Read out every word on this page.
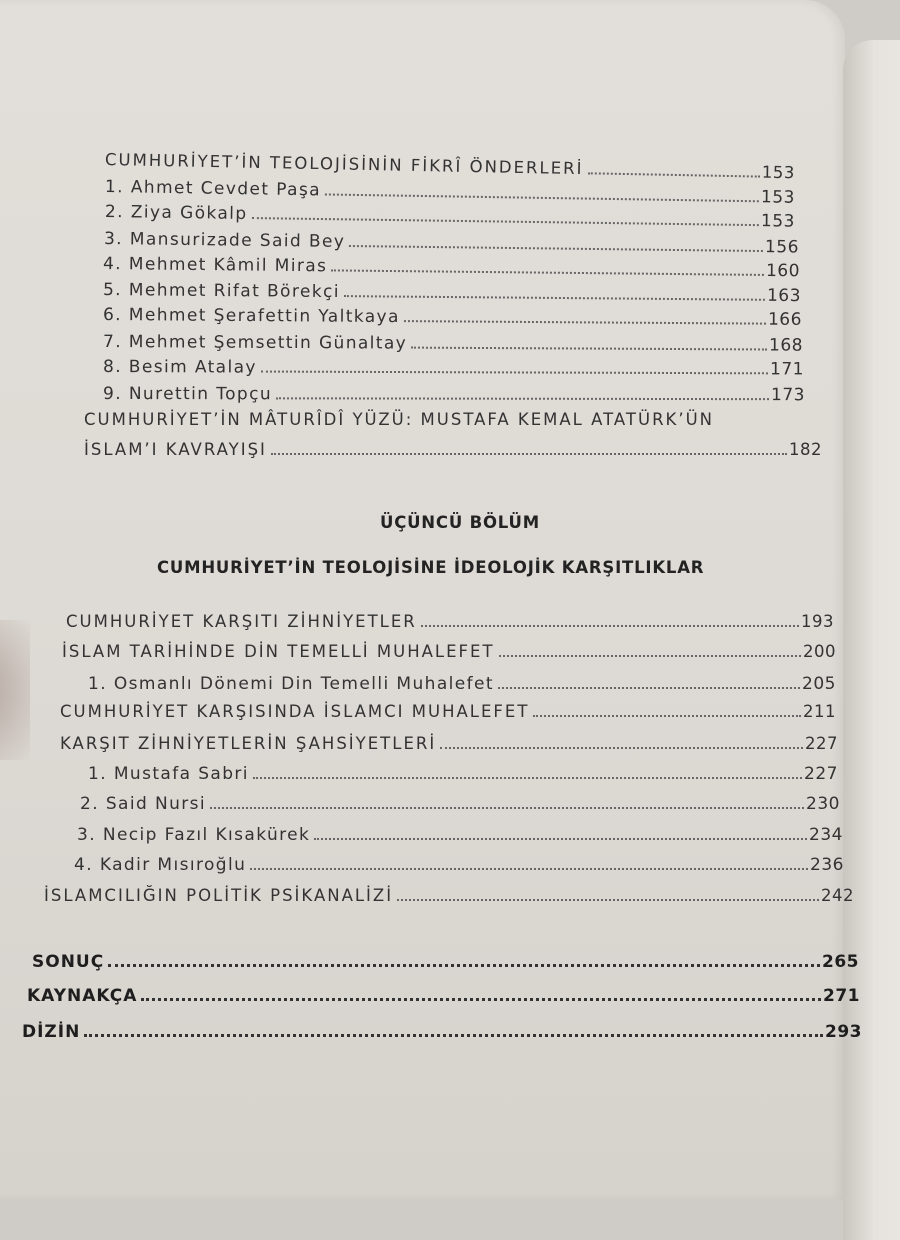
CUMHURİYET’İN TEOLOJİSİNİN FİKRÎ ÖNDERLERİ	153
1. Ahmet Cevdet Paşa	153
2. Ziya Gökalp	153
3. Mansurizade Said Bey	156
4. Mehmet Kâmil Miras	160
5. Mehmet Rifat Börekçi	163
6. Mehmet Şerafettin Yaltkaya	166
7. Mehmet Şemsettin Günaltay	168
8. Besim Atalay	171
9. Nurettin Topçu	173
CUMHURİYET’İN MÂTURÎDÎ YÜZÜ: MUSTAFA KEMAL ATATÜRK’ÜN
İSLAM’I KAVRAYIŞI	182
ÜÇÜNCÜ BÖLÜM
CUMHURİYET’İN TEOLOJİSİNE İDEOLOJİK KARŞITLIKLAR
CUMHURİYET KARŞITI ZİHNİYETLER	193
İSLAM TARİHİNDE DİN TEMELLİ MUHALEFET	200
1. Osmanlı Dönemi Din Temelli Muhalefet	205
CUMHURİYET KARŞISINDA İSLAMCI MUHALEFET	211
KARŞIT ZİHNİYETLERİN ŞAHSİYETLERİ	227
1. Mustafa Sabri	227
2. Said Nursi	230
3. Necip Fazıl Kısakürek	234
4. Kadir Mısıroğlu	236
İSLAMCILIĞIN POLİTİK PSİKANALİZİ	242
SONUÇ	265
KAYNAKÇA	271
DİZİN	293
